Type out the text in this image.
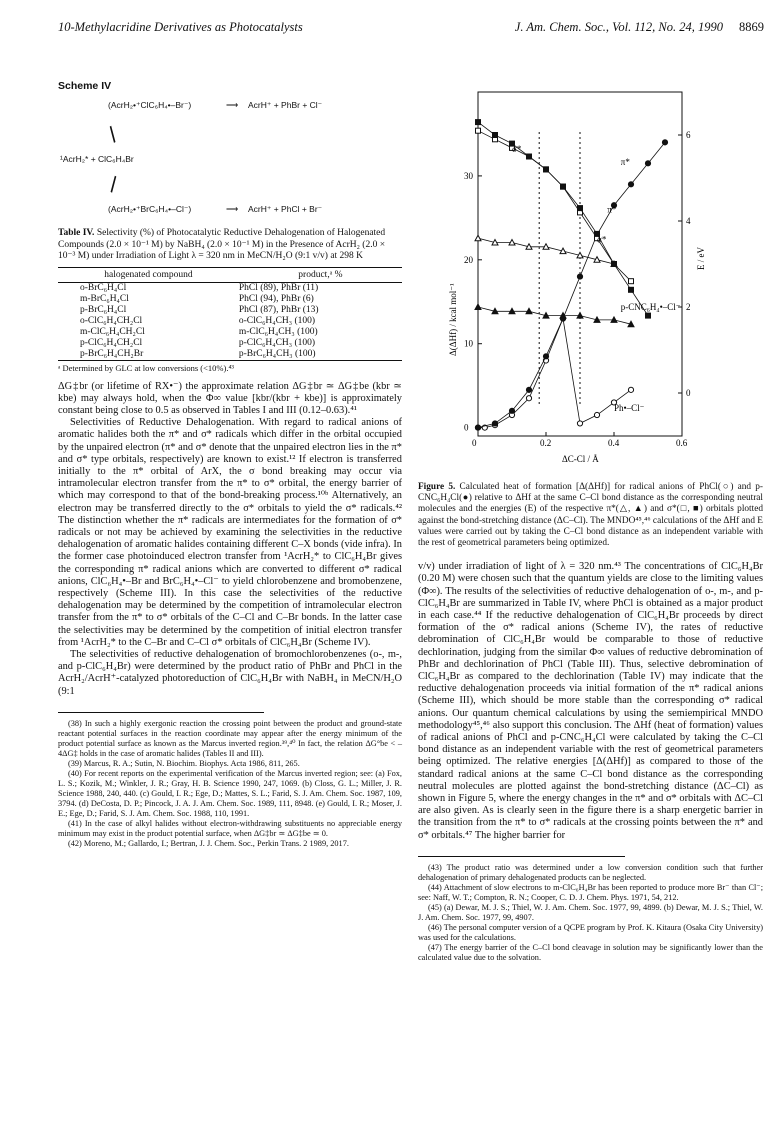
10-Methylacridine Derivatives as Photocatalysts	J. Am. Chem. Soc., Vol. 112, No. 24, 1990 8869

Scheme IV

(AcrH₂•⁺ClC₆H₄•–Br⁻)	⟶ AcrH⁺ + PhBr + Cl⁻
/
¹AcrH₂* + ClC₆H₄Br
\
(AcrH₂•⁺BrC₆H₄•–Cl⁻)	⟶ AcrH⁺ + PhCl + Br⁻

Table IV. Selectivity (%) of Photocatalytic Reductive Dehalogenation of Halogenated Compounds (2.0 × 10⁻¹ M) by NaBH₄ (2.0 × 10⁻¹ M) in the Presence of AcrH₂ (2.0 × 10⁻³ M) under Irradiation of Light λ = 320 nm in MeCN/H₂O (9:1 v/v) at 298 K

halogenated compound	product,ᵃ %
o-BrC₆H₄Cl	PhCl (89), PhBr (11)
m-BrC₆H₄Cl	PhCl (94), PhBr (6)
p-BrC₆H₄Cl	PhCl (87), PhBr (13)
o-ClC₆H₄CH₂Cl	o-ClC₆H₄CH₃ (100)
m-ClC₆H₄CH₂Cl	m-ClC₆H₄CH₃ (100)
p-ClC₆H₄CH₂Cl	p-ClC₆H₄CH₃ (100)
p-BrC₆H₄CH₂Br	p-BrC₆H₄CH₃ (100)

ᵃ Determined by GLC at low conversions (<10%).⁴³

ΔG‡br (or lifetime of RX•⁻) the approximate relation ΔG‡br ≃ ΔG‡be (kbr ≃ kbe) may always hold, when the Φ∞ value [kbr/(kbr + kbe)] is approximately constant being close to 0.5 as observed in Tables I and III (0.12–0.63).⁴¹

Selectivities of Reductive Dehalogenation. With regard to radical anions of aromatic halides both the π* and σ* radicals which differ in the orbital occupied by the unpaired electron (π* and σ* denote that the unpaired electron lies in the π* and σ* type orbitals, respectively) are known to exist.¹² If electron is transferred initially to the π* orbital of ArX, the σ bond breaking may occur via intramolecular electron transfer from the π* to σ* orbital, the energy barrier of which may correspond to that of the bond-breaking process.¹⁰ᵇ Alternatively, an electron may be transferred directly to the σ* orbitals to yield the σ* radicals.⁴² The distinction whether the π* radicals are intermediates for the formation of σ* radicals or not may be achieved by examining the selectivities in the reductive dehalogenation of aromatic halides containing different C–X bonds (vide infra). In the former case photoinduced electron transfer from ¹AcrH₂* to ClC₆H₄Br gives the corresponding π* radical anions which are converted to different σ* radical anions, ClC₆H₄•–Br and BrC₆H₄•–Cl⁻ to yield chlorobenzene and bromobenzene, respectively (Scheme III). In this case the selectivities of the reductive dehalogenation may be determined by the competition of intramolecular electron transfer from the π* to σ* orbitals of the C–Cl and C–Br bonds. In the latter case the selectivities may be determined by the competition of initial electron transfer from ¹AcrH₂* to the C–Br and C–Cl σ* orbitals of ClC₆H₄Br (Scheme IV).

The selectivities of reductive dehalogenation of bromochlorobenzenes (o-, m-, and p-ClC₆H₄Br) were determined by the product ratio of PhBr and PhCl in the AcrH₂/AcrH⁺-catalyzed photoreduction of ClC₆H₄Br with NaBH₄ in MeCN/H₂O (9:1

(38) In such a highly exergonic reaction the crossing point between the product and ground-state reactant potential surfaces in the reaction coordinate may appear after the energy minimum of the product potential surface as known as the Marcus inverted region.³⁹,⁴⁰ In fact, the relation ΔG°be < –4ΔG‡ holds in the case of aromatic halides (Tables II and III).

(39) Marcus, R. A.; Sutin, N. Biochim. Biophys. Acta 1986, 811, 265.

(40) For recent reports on the experimental verification of the Marcus inverted region; see: (a) Fox, L. S.; Kozik, M.; Winkler, J. R.; Gray, H. B. Science 1990, 247, 1069. (b) Closs, G. L.; Miller, J. R. Science 1988, 240, 440. (c) Gould, I. R.; Ege, D.; Mattes, S. L.; Farid, S. J. Am. Chem. Soc. 1987, 109, 3794. (d) DeCosta, D. P.; Pincock, J. A. J. Am. Chem. Soc. 1989, 111, 8948. (e) Gould, I. R.; Moser, J. E.; Ege, D.; Farid, S. J. Am. Chem. Soc. 1988, 110, 1991.

(41) In the case of alkyl halides without electron-withdrawing substituents no appreciable energy minimum may exist in the product potential surface, when ΔG‡br ≃ ΔG‡be ≃ 0.

(42) Moreno, M.; Gallardo, I.; Bertran, J. J. Chem. Soc., Perkin Trans. 2 1989, 2017.

0	0.2	0.4	0.6
0
10
20
30
0
2
4
6
ΔC-Cl / Å
Δ(ΔHf) / kcal mol⁻¹
E / eV
σ*
π*
π*
σ*
p-CNC₆H₄•–Cl⁻
Ph•–Cl⁻

Figure 5. Calculated heat of formation [Δ(ΔHf)] for radical anions of PhCl(○) and p-CNC₆H₄Cl(●) relative to ΔHf at the same C–Cl bond distance as the corresponding neutral molecules and the energies (E) of the respective π*(△, ▲) and σ*(□, ■) orbitals plotted against the bond-stretching distance (ΔC–Cl). The MNDO⁴⁵,⁴⁶ calculations of the ΔHf and E values were carried out by taking the C–Cl bond distance as an independent variable with the rest of geometrical parameters being optimized.

v/v) under irradiation of light of λ = 320 nm.⁴³ The concentrations of ClC₆H₄Br (0.20 M) were chosen such that the quantum yields are close to the limiting values (Φ∞). The results of the selectivities of reductive dehalogenation of o-, m-, and p-ClC₆H₄Br are summarized in Table IV, where PhCl is obtained as a major product in each case.⁴⁴ If the reductive dehalogenation of ClC₆H₄Br proceeds by direct formation of the σ* radical anions (Scheme IV), the rates of reductive debromination of ClC₆H₄Br would be comparable to those of reductive dechlorination, judging from the similar Φ∞ values of reductive debromination of PhBr and dechlorination of PhCl (Table III). Thus, selective debromination of ClC₆H₄Br as compared to the dechlorination (Table IV) may indicate that the reductive dehalogenation proceeds via initial formation of the π* radical anions (Scheme III), which should be more stable than the corresponding σ* radical anions. Our quantum chemical calculations by using the semiempirical MNDO methodology⁴⁵,⁴⁶ also support this conclusion. The ΔHf (heat of formation) values of radical anions of PhCl and p-CNC₆H₄Cl were calculated by taking the C–Cl bond distance as an independent variable with the rest of geometrical parameters being optimized. The relative energies [Δ(ΔHf)] as compared to those of the standard radical anions at the same C–Cl bond distance as the corresponding neutral molecules are plotted against the bond-stretching distance (ΔC–Cl) as shown in Figure 5, where the energy changes in the π* and σ* orbitals with ΔC–Cl are also given. As is clearly seen in the figure there is a sharp energetic barrier in the transition from the π* to σ* radicals at the crossing points between the π* and σ* orbitals.⁴⁷ The higher barrier for

(43) The product ratio was determined under a low conversion condition such that further dehalogenation of primary dehalogenated products can be neglected.

(44) Attachment of slow electrons to m-ClC₆H₄Br has been reported to produce more Br⁻ than Cl⁻; see: Naff, W. T.; Compton, R. N.; Cooper, C. D. J. Chem. Phys. 1971, 54, 212.

(45) (a) Dewar, M. J. S.; Thiel, W. J. Am. Chem. Soc. 1977, 99, 4899. (b) Dewar, M. J. S.; Thiel, W. J. Am. Chem. Soc. 1977, 99, 4907.

(46) The personal computer version of a QCPE program by Prof. K. Kitaura (Osaka City University) was used for the calculations.

(47) The energy barrier of the C–Cl bond cleavage in solution may be significantly lower than the calculated value due to the solvation.
